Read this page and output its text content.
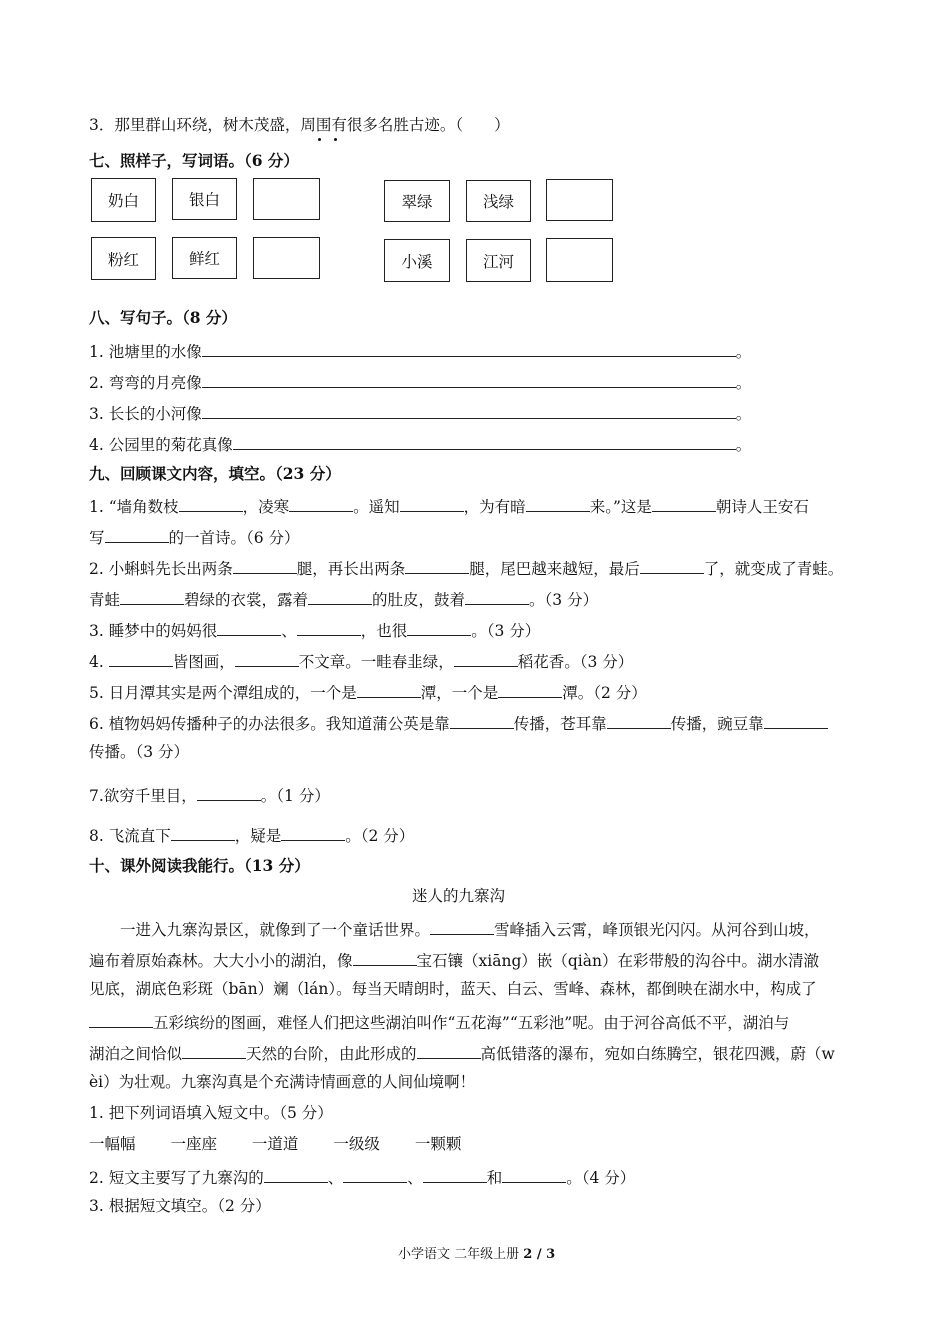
3．那里群山环绕，树木茂盛，周围有很多名胜古迹。（　　）
七、照样子，写词语。（6 分）
奶白	银白	翠绿	浅绿
粉红	鲜红	小溪	江河
八、写句子。（8 分）
1. 池塘里的水像	。
2. 弯弯的月亮像	。
3. 长长的小河像	。
4. 公园里的菊花真像	。
九、回顾课文内容，填空。（23 分）
1. “墙角数枝	，凌寒	。遥知	，为有暗	来。”这是	朝诗人王安石
写	的一首诗。（6 分）
2. 小蝌蚪先长出两条	腿，再长出两条	腿，尾巴越来越短，最后	了，就变成了青蛙。
青蛙	碧绿的衣裳，露着	的肚皮，鼓着	。（3 分）
3. 睡梦中的妈妈很	、	，也很	。（3 分）
4.	皆图画，	不文章。一畦春韭绿，	稻花香。（3 分）
5. 日月潭其实是两个潭组成的，一个是	潭，一个是	潭。（2 分）
6. 植物妈妈传播种子的办法很多。我知道蒲公英是靠	传播，苍耳靠	传播，豌豆靠
传播。（3 分）
7.欲穷千里目，	。（1 分）
8. 飞流直下	，疑是	。（2 分）
十、课外阅读我能行。（13 分）
迷人的九寨沟
一进入九寨沟景区，就像到了一个童话世界。	雪峰插入云霄，峰顶银光闪闪。从河谷到山坡，
遍布着原始森林。大大小小的湖泊，像	宝石镶（xiāng）嵌（qiàn）在彩带般的沟谷中。湖水清澈
见底，湖底色彩斑（bān）斓（lán）。每当天晴朗时，蓝天、白云、雪峰、森林，都倒映在湖水中，构成了
五彩缤纷的图画，难怪人们把这些湖泊叫作“五花海”“五彩池”呢。由于河谷高低不平，湖泊与
湖泊之间恰似	天然的台阶，由此形成的	高低错落的瀑布，宛如白练腾空，银花四溅，蔚（w
èi）为壮观。九寨沟真是个充满诗情画意的人间仙境啊！
1. 把下列词语填入短文中。（5 分）
一幅幅 一座座 一道道 一级级 一颗颗
2. 短文主要写了九寨沟的	、	、	和	。（4 分）
3. 根据短文填空。（2 分）
小学语文 二年级上册 2 / 3
